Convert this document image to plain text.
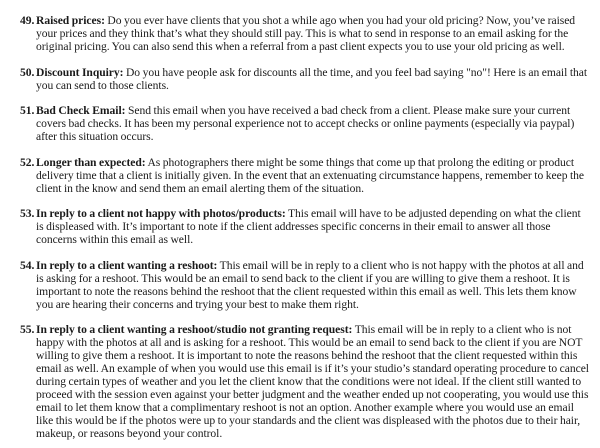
49. Raised prices: Do you ever have clients that you shot a while ago when you had your old pricing? Now, you’ve raised your prices and they think that’s what they should still pay. This is what to send in response to an email asking for the original pricing. You can also send this when a referral from a past client expects you to use your old pricing as well.
50. Discount Inquiry: Do you have people ask for discounts all the time, and you feel bad saying "no"! Here is an email that you can send to those clients.
51. Bad Check Email: Send this email when you have received a bad check from a client. Please make sure your current covers bad checks. It has been my personal experience not to accept checks or online payments (especially via paypal) after this situation occurs.
52. Longer than expected: As photographers there might be some things that come up that prolong the editing or product delivery time that a client is initially given. In the event that an extenuating circumstance happens, remember to keep the client in the know and send them an email alerting them of the situation.
53. In reply to a client not happy with photos/products: This email will have to be adjusted depending on what the client is displeased with. It’s important to note if the client addresses specific concerns in their email to answer all those concerns within this email as well.
54. In reply to a client wanting a reshoot: This email will be in reply to a client who is not happy with the photos at all and is asking for a reshoot. This would be an email to send back to the client if you are willing to give them a reshoot. It is important to note the reasons behind the reshoot that the client requested within this email as well. This lets them know you are hearing their concerns and trying your best to make them right.
55. In reply to a client wanting a reshoot/studio not granting request: This email will be in reply to a client who is not happy with the photos at all and is asking for a reshoot. This would be an email to send back to the client if you are NOT willing to give them a reshoot. It is important to note the reasons behind the reshoot that the client requested within this email as well. An example of when you would use this email is if it’s your studio’s standard operating procedure to cancel during certain types of weather and you let the client know that the conditions were not ideal. If the client still wanted to proceed with the session even against your better judgment and the weather ended up not cooperating, you would use this email to let them know that a complimentary reshoot is not an option. Another example where you would use an email like this would be if the photos were up to your standards and the client was displeased with the photos due to their hair, makeup, or reasons beyond your control.
